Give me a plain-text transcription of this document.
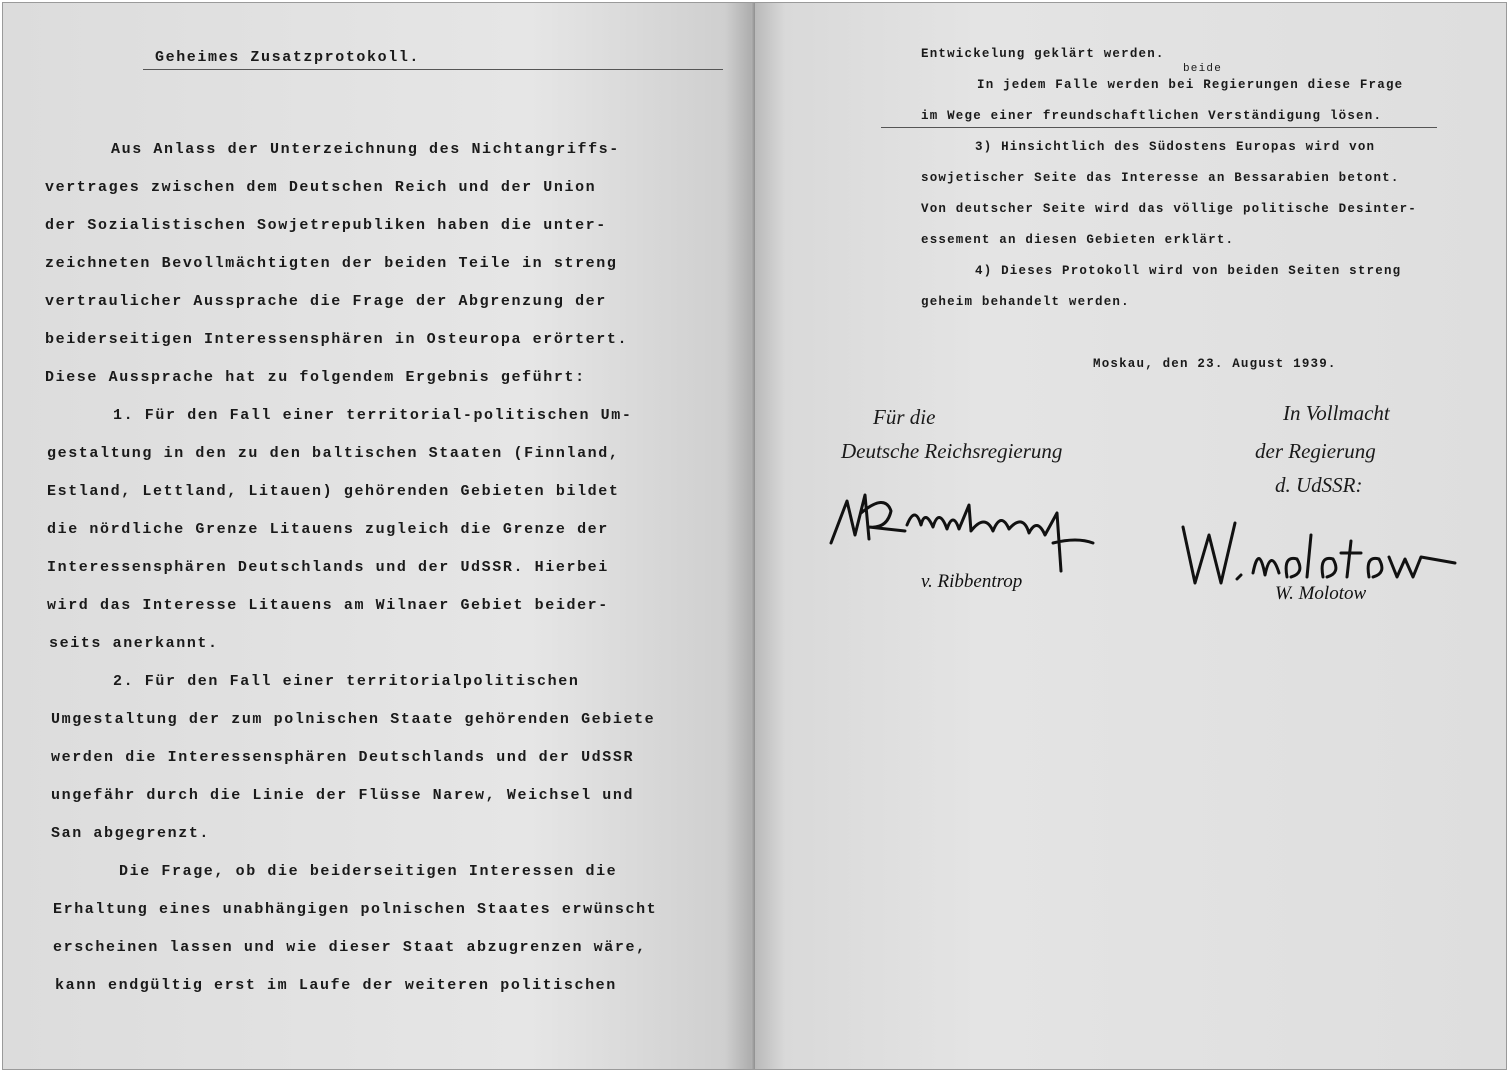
Geheimes Zusatzprotokoll.
Aus Anlass der Unterzeichnung des Nichtangriffs-
vertrages zwischen dem Deutschen Reich und der Union
der Sozialistischen Sowjetrepubliken haben die unter-
zeichneten Bevollmächtigten der beiden Teile in streng
vertraulicher Aussprache die Frage der Abgrenzung der
beiderseitigen Interessensphären in Osteuropa erörtert.
Diese Aussprache hat zu folgendem Ergebnis geführt:
1. Für den Fall einer territorial-politischen Um-
gestaltung in den zu den baltischen Staaten (Finnland,
Estland, Lettland, Litauen) gehörenden Gebieten bildet
die nördliche Grenze Litauens zugleich die Grenze der
Interessensphären Deutschlands und der UdSSR. Hierbei
wird das Interesse Litauens am Wilnaer Gebiet beider-
seits anerkannt.
2. Für den Fall einer territorialpolitischen
Umgestaltung der zum polnischen Staate gehörenden Gebiete
werden die Interessensphären Deutschlands und der UdSSR
ungefähr durch die Linie der Flüsse Narew, Weichsel und
San abgegrenzt.
Die Frage, ob die beiderseitigen Interessen die
Erhaltung eines unabhängigen polnischen Staates erwünscht
erscheinen lassen und wie dieser Staat abzugrenzen wäre,
kann endgültig erst im Laufe der weiteren politischen
Entwickelung geklärt werden.
beide
In jedem Falle werden bei Regierungen diese Frage
im Wege einer freundschaftlichen Verständigung lösen.
3) Hinsichtlich des Südostens Europas wird von
sowjetischer Seite das Interesse an Bessarabien betont.
Von deutscher Seite wird das völlige politische Desinter-
essement an diesen Gebieten erklärt.
4) Dieses Protokoll wird von beiden Seiten streng
geheim behandelt werden.
Moskau, den 23. August 1939.
Für die
Deutsche Reichsregierung
v. Ribbentrop
In Vollmacht
der Regierung
d. UdSSR:
W. Molotow
